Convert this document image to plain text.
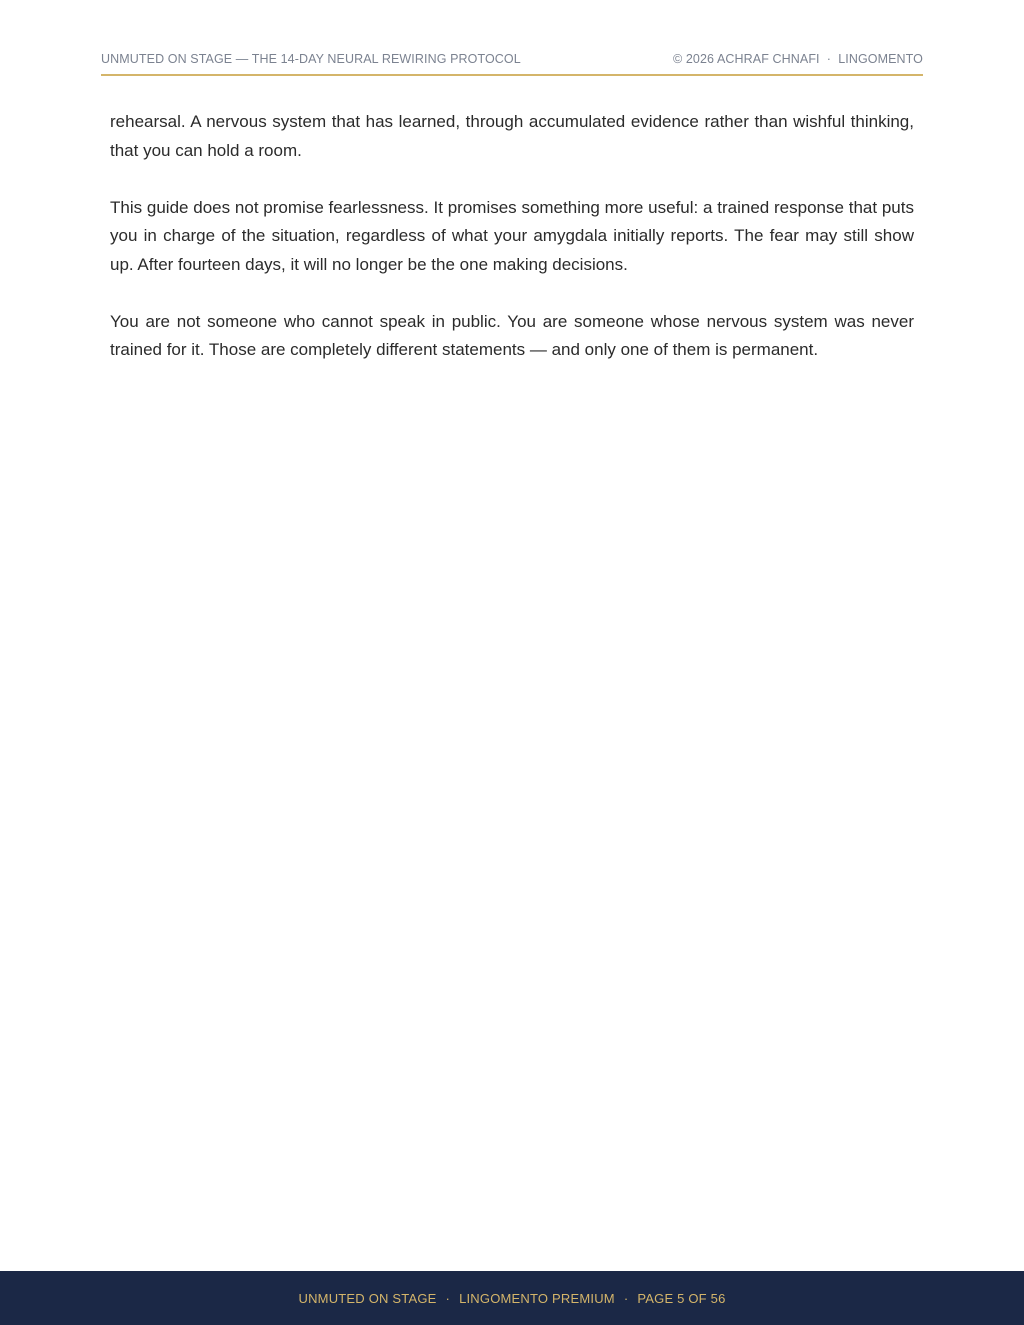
UNMUTED ON STAGE — THE 14-DAY NEURAL REWIRING PROTOCOL	© 2026 ACHRAF CHNAFI  ·  LINGOMENTO

rehearsal. A nervous system that has learned, through accumulated evidence rather than wishful thinking, that you can hold a room.

This guide does not promise fearlessness. It promises something more useful: a trained response that puts you in charge of the situation, regardless of what your amygdala initially reports. The fear may still show up. After fourteen days, it will no longer be the one making decisions.

You are not someone who cannot speak in public. You are someone whose nervous system was never trained for it. Those are completely different statements — and only one of them is permanent.

UNMUTED ON STAGE · LINGOMENTO PREMIUM · PAGE 5 OF 56
